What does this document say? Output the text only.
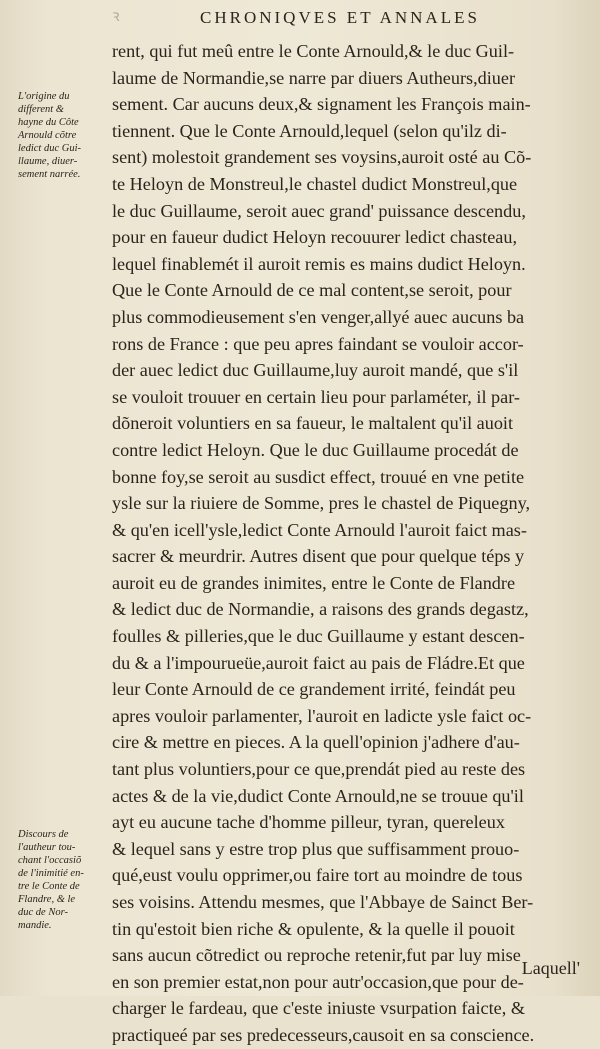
ꝛ	CHRONIQVES ET ANNALES
L'origine du
different &
hayne du Côte
Arnould cõtre
ledict duc Gui-
llaume, diuer-
sement narrée.
Discours de
l'autheur tou-
chant l'occasiõ
de l'inimitié en-
tre le Conte de
Flandre, & le
duc de Nor-
mandie.
rent, qui fut meû entre le Conte Arnould,& le duc Guil-
laume de Normandie,se narre par diuers Autheurs,diuer
sement. Car aucuns deux,& signament les François main-
tiennent. Que le Conte Arnould,lequel (selon qu'ilz di-
sent) molestoit grandement ses voysins,auroit osté au Cõ-
te Heloyn de Monstreul,le chastel dudict Monstreul,que
le duc Guillaume, seroit auec grand' puissance descendu,
pour en faueur dudict Heloyn recouurer ledict chasteau,
lequel finablemét il auroit remis es mains dudict Heloyn.
Que le Conte Arnould de ce mal content,se seroit, pour
plus commodieusement s'en venger,allyé auec aucuns ba
rons de France : que peu apres faindant se vouloir accor-
der auec ledict duc Guillaume,luy auroit mandé, que s'il
se vouloit trouuer en certain lieu pour parlaméter, il par-
dõneroit voluntiers en sa faueur, le maltalent qu'il auoit
contre ledict Heloyn. Que le duc Guillaume procedát de
bonne foy,se seroit au susdict effect, trouué en vne petite
ysle sur la riuiere de Somme, pres le chastel de Piquegny,
& qu'en icell'ysle,ledict Conte Arnould l'auroit faict mas-
sacrer & meurdrir. Autres disent que pour quelque téps y
auroit eu de grandes inimites, entre le Conte de Flandre
& ledict duc de Normandie, a raisons des grands degastz,
foulles & pilleries,que le duc Guillaume y estant descen-
du & a l'impourueüe,auroit faict au pais de Fládre.Et que
leur Conte Arnould de ce grandement irrité, feindát peu
apres vouloir parlamenter, l'auroit en ladicte ysle faict oc-
cire & mettre en pieces. A la quell'opinion j'adhere d'au-
tant plus voluntiers,pour ce que,prendát pied au reste des
actes & de la vie,dudict Conte Arnould,ne se trouue qu'il
ayt eu aucune tache d'homme pilleur, tyran, quereleux
& lequel sans y estre trop plus que suffisamment prouo-
qué,eust voulu opprimer,ou faire tort au moindre de tous
ses voisins. Attendu mesmes, que l'Abbaye de Sainct Ber-
tin qu'estoit bien riche & opulente, & la quelle il pouoit
sans aucun cõtredict ou reproche retenir,fut par luy mise
en son premier estat,non pour autr'occasion,que pour de-
charger le fardeau, que c'este iniuste vsurpation faicte, &
practiqueé par ses predecesseurs,causoit en sa conscience.
Laquell'
